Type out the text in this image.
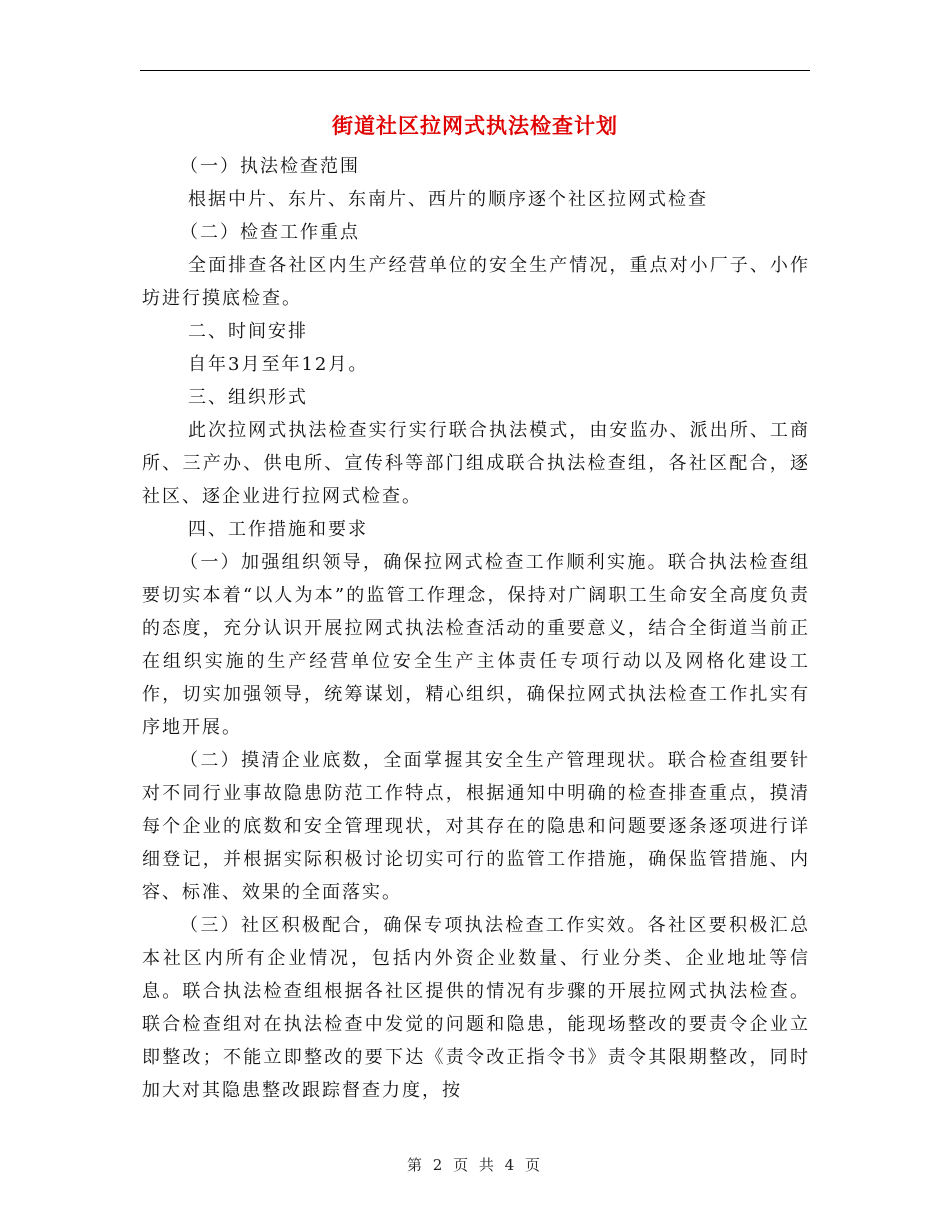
街道社区拉网式执法检查计划

（一）执法检查范围

根据中片、东片、东南片、西片的顺序逐个社区拉网式检查

（二）检查工作重点

全面排查各社区内生产经营单位的安全生产情况，重点对小厂子、小作坊进行摸底检查。

二、时间安排

自年3月至年12月。

三、组织形式

此次拉网式执法检查实行实行联合执法模式，由安监办、派出所、工商所、三产办、供电所、宣传科等部门组成联合执法检查组，各社区配合，逐社区、逐企业进行拉网式检查。

四、工作措施和要求

（一）加强组织领导，确保拉网式检查工作顺利实施。联合执法检查组要切实本着“以人为本”的监管工作理念，保持对广阔职工生命安全高度负责的态度，充分认识开展拉网式执法检查活动的重要意义，结合全街道当前正在组织实施的生产经营单位安全生产主体责任专项行动以及网格化建设工作，切实加强领导，统筹谋划，精心组织，确保拉网式执法检查工作扎实有序地开展。

（二）摸清企业底数，全面掌握其安全生产管理现状。联合检查组要针对不同行业事故隐患防范工作特点，根据通知中明确的检查排查重点，摸清每个企业的底数和安全管理现状，对其存在的隐患和问题要逐条逐项进行详细登记，并根据实际积极讨论切实可行的监管工作措施，确保监管措施、内容、标准、效果的全面落实。

（三）社区积极配合，确保专项执法检查工作实效。各社区要积极汇总本社区内所有企业情况，包括内外资企业数量、行业分类、企业地址等信息。联合执法检查组根据各社区提供的情况有步骤的开展拉网式执法检查。联合检查组对在执法检查中发觉的问题和隐患，能现场整改的要责令企业立即整改；不能立即整改的要下达《责令改正指令书》责令其限期整改，同时加大对其隐患整改跟踪督查力度，按

第 2 页 共 4 页
